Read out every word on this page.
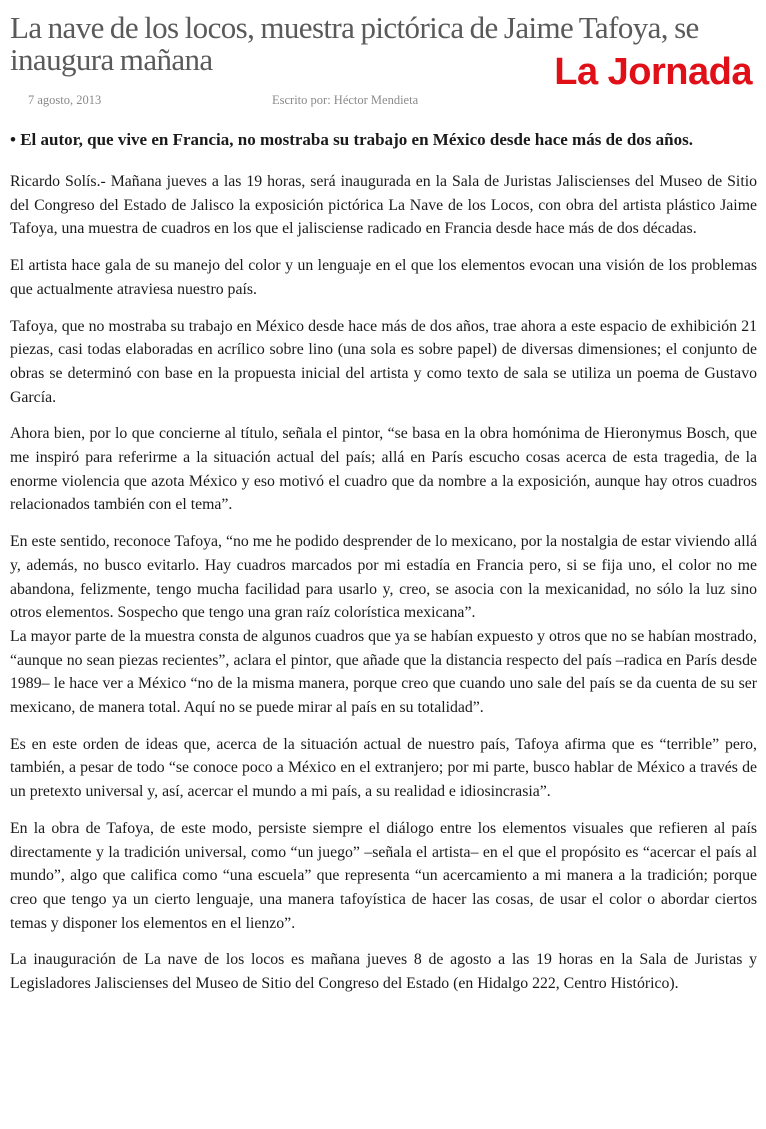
La nave de los locos, muestra pictórica de Jaime Tafoya, se inaugura mañana	La Jornada
7 agosto, 2013	Escrito por: Héctor Mendieta

• El autor, que vive en Francia, no mostraba su trabajo en México desde hace más de dos años.

Ricardo Solís.- Mañana jueves a las 19 horas, será inaugurada en la Sala de Juristas Jaliscienses del Museo de Sitio del Congreso del Estado de Jalisco la exposición pictórica La Nave de los Locos, con obra del artista plástico Jaime Tafoya, una muestra de cuadros en los que el jalisciense radicado en Francia desde hace más de dos décadas.

El artista hace gala de su manejo del color y un lenguaje en el que los elementos evocan una visión de los problemas que actualmente atraviesa nuestro país.

Tafoya, que no mostraba su trabajo en México desde hace más de dos años, trae ahora a este espacio de exhibición 21 piezas, casi todas elaboradas en acrílico sobre lino (una sola es sobre papel) de diversas dimensiones; el conjunto de obras se determinó con base en la propuesta inicial del artista y como texto de sala se utiliza un poema de Gustavo García.

Ahora bien, por lo que concierne al título, señala el pintor, “se basa en la obra homónima de Hieronymus Bosch, que me inspiró para referirme a la situación actual del país; allá en París escucho cosas acerca de esta tragedia, de la enorme violencia que azota México y eso motivó el cuadro que da nombre a la exposición, aunque hay otros cuadros relacionados también con el tema”.

En este sentido, reconoce Tafoya, “no me he podido desprender de lo mexicano, por la nostalgia de estar viviendo allá y, además, no busco evitarlo. Hay cuadros marcados por mi estadía en Francia pero, si se fija uno, el color no me abandona, felizmente, tengo mucha facilidad para usarlo y, creo, se asocia con la mexicanidad, no sólo la luz sino otros elementos. Sospecho que tengo una gran raíz colorística mexicana”.

La mayor parte de la muestra consta de algunos cuadros que ya se habían expuesto y otros que no se habían mostrado, “aunque no sean piezas recientes”, aclara el pintor, que añade que la distancia respecto del país –radica en París desde 1989– le hace ver a México “no de la misma manera, porque creo que cuando uno sale del país se da cuenta de su ser mexicano, de manera total. Aquí no se puede mirar al país en su totalidad”.

Es en este orden de ideas que, acerca de la situación actual de nuestro país, Tafoya afirma que es “terrible” pero, también, a pesar de todo “se conoce poco a México en el extranjero; por mi parte, busco hablar de México a través de un pretexto universal y, así, acercar el mundo a mi país, a su realidad e idiosincrasia”.

En la obra de Tafoya, de este modo, persiste siempre el diálogo entre los elementos visuales que refieren al país directamente y la tradición universal, como “un juego” –señala el artista– en el que el propósito es “acercar el país al mundo”, algo que califica como “una escuela” que representa “un acercamiento a mi manera a la tradición; porque creo que tengo ya un cierto lenguaje, una manera tafoyística de hacer las cosas, de usar el color o abordar ciertos temas y disponer los elementos en el lienzo”.

La inauguración de La nave de los locos es mañana jueves 8 de agosto a las 19 horas en la Sala de Juristas y Legisladores Jaliscienses del Museo de Sitio del Congreso del Estado (en Hidalgo 222, Centro Histórico).
